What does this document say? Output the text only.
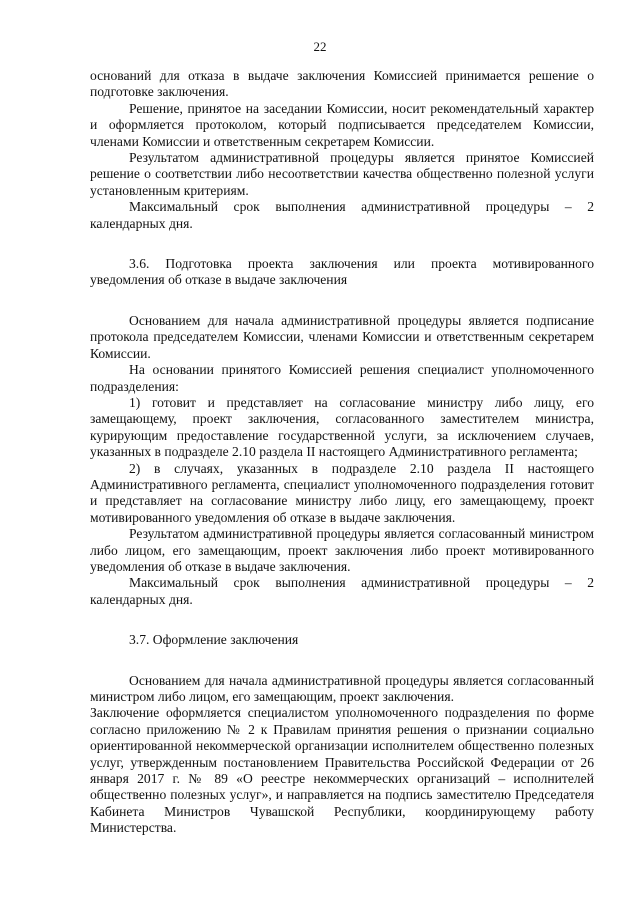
22

оснований для отказа в выдаче заключения Комиссией принимается решение о подготовке заключения.

Решение, принятое на заседании Комиссии, носит рекомендательный характер и оформляется протоколом, который подписывается председателем Комиссии, членами Комиссии и ответственным секретарем Комиссии.

Результатом административной процедуры является принятое Комиссией решение о соответствии либо несоответствии качества общественно полезной услуги установленным критериям.

Максимальный срок выполнения административной процедуры – 2 календарных дня.

3.6. Подготовка проекта заключения или проекта мотивированного уведомления об отказе в выдаче заключения

Основанием для начала административной процедуры является подписание протокола председателем Комиссии, членами Комиссии и ответственным секретарем Комиссии.

На основании принятого Комиссией решения специалист уполномоченного подразделения:

1) готовит и представляет на согласование министру либо лицу, его замещающему, проект заключения, согласованного заместителем министра, курирующим предоставление государственной услуги, за исключением случаев, указанных в подразделе 2.10 раздела II настоящего Административного регламента;

2) в случаях, указанных в подразделе 2.10 раздела II настоящего Административного регламента, специалист уполномоченного подразделения готовит и представляет на согласование министру либо лицу, его замещающему, проект мотивированного уведомления об отказе в выдаче заключения.

Результатом административной процедуры является согласованный министром либо лицом, его замещающим, проект заключения либо проект мотивированного уведомления об отказе в выдаче заключения.

Максимальный срок выполнения административной процедуры – 2 календарных дня.

3.7. Оформление заключения

Основанием для начала административной процедуры является согласованный министром либо лицом, его замещающим, проект заключения.

Заключение оформляется специалистом уполномоченного подразделения по форме согласно приложению № 2 к Правилам принятия решения о признании социально ориентированной некоммерческой организации исполнителем общественно полезных услуг, утвержденным постановлением Правительства Российской Федерации от 26 января 2017 г. № 89 «О реестре некоммерческих организаций – исполнителей общественно полезных услуг», и направляется на подпись заместителю Председателя Кабинета Министров Чувашской Республики, координирующему работу Министерства.
